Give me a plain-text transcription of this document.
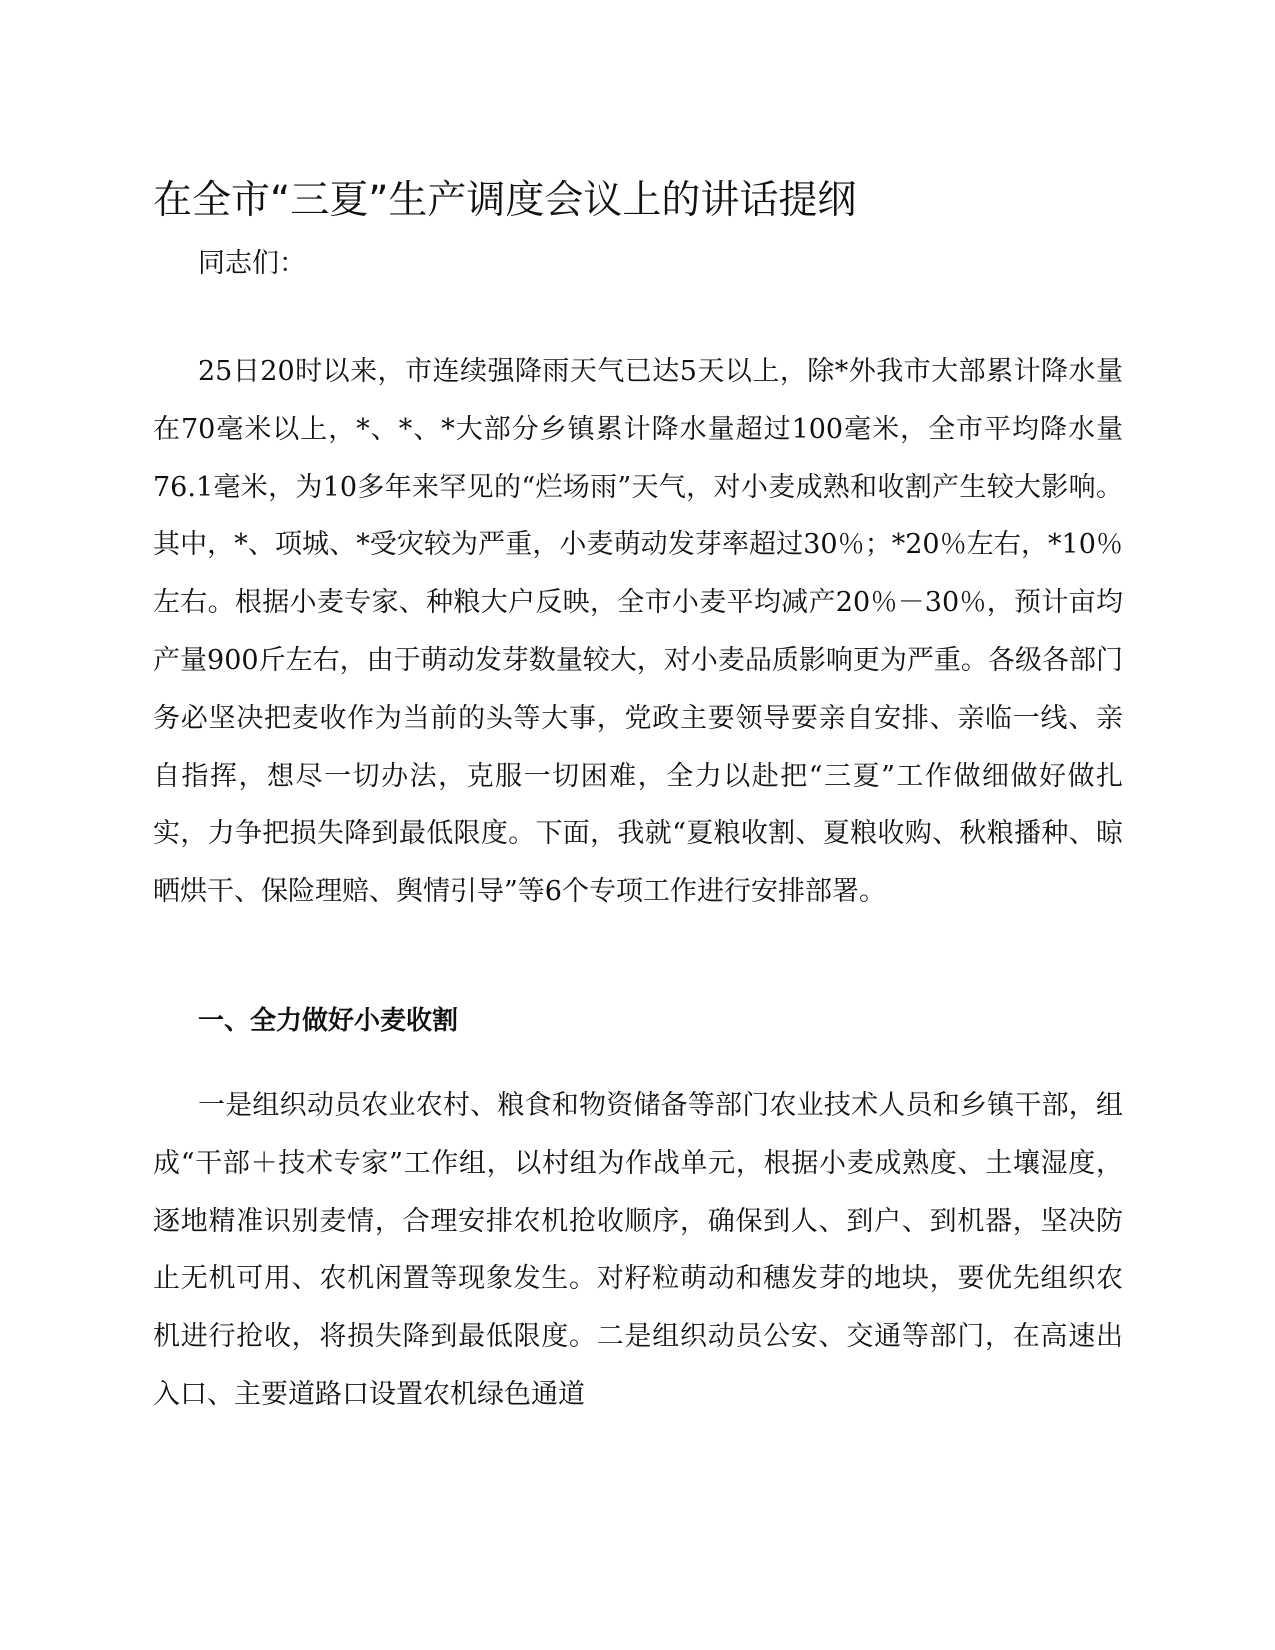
在全市“三夏”生产调度会议上的讲话提纲

同志们：

25日20时以来，市连续强降雨天气已达5天以上，除*外我市大部累计降水量在70毫米以上，*、*、*大部分乡镇累计降水量超过100毫米，全市平均降水量76.1毫米，为10多年来罕见的“烂场雨”天气，对小麦成熟和收割产生较大影响。其中，*、项城、*受灾较为严重，小麦萌动发芽率超过30％；*20％左右，*10％左右。根据小麦专家、种粮大户反映，全市小麦平均减产20％－30％，预计亩均产量900斤左右，由于萌动发芽数量较大，对小麦品质影响更为严重。各级各部门务必坚决把麦收作为当前的头等大事，党政主要领导要亲自安排、亲临一线、亲自指挥，想尽一切办法，克服一切困难，全力以赴把“三夏”工作做细做好做扎实，力争把损失降到最低限度。下面，我就“夏粮收割、夏粮收购、秋粮播种、晾晒烘干、保险理赔、舆情引导”等6个专项工作进行安排部署。

一、全力做好小麦收割

一是组织动员农业农村、粮食和物资储备等部门农业技术人员和乡镇干部，组成“干部＋技术专家”工作组，以村组为作战单元，根据小麦成熟度、土壤湿度，逐地精准识别麦情，合理安排农机抢收顺序，确保到人、到户、到机器，坚决防止无机可用、农机闲置等现象发生。对籽粒萌动和穗发芽的地块，要优先组织农机进行抢收，将损失降到最低限度。二是组织动员公安、交通等部门，在高速出入口、主要道路口设置农机绿色通道
